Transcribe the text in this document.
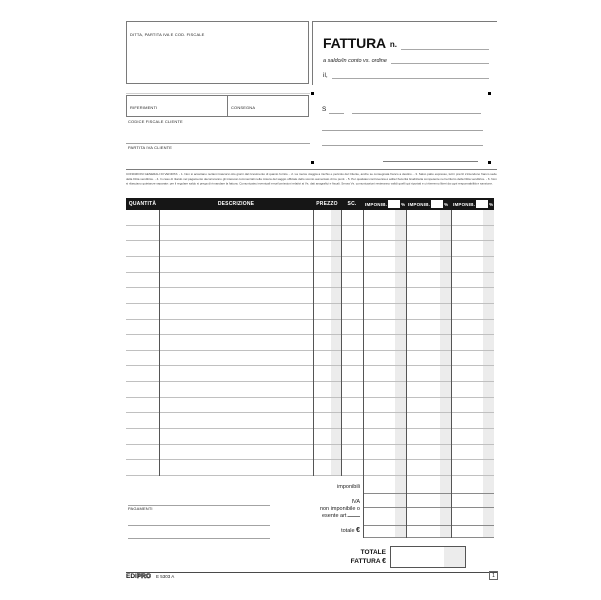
DITTA, PARTITA IVA E COD. FISCALE	FATTURA n.
a saldo/in conto vs. ordine
il,
S
RIFERIMENTI	CONSEGNA
CODICE FISCALE CLIENTE
PARTITA IVA CLIENTE
CONDIZIONI GENERALI DI VENDITA: - 1. Non si accettano reclami trascorsi otto giorni dal ricevimento di quanto fornito. - 2. La merce viaggia a rischio e pericolo del Cliente, anche se consegnata franco a destino. - 3. Salvo patto espresso, tutti i prezzi s'intendono franco sede della Ditta venditrice. - 4. In caso di ritardo nel pagamento decorreranno gli interessi commerciali nella misura del saggio ufficiale dello sconto aumentato di tre punti. - 5. Per qualsiasi controversia è adita l'Autorità Giudiziaria competente nel territorio della Ditta venditrice. - 6. Non si rilasciano quietanze separate: per il regolare saldo si prega di rimandare la fattura. Comunicateci eventuali errori/omissioni relativi ai Vs. dati anagrafici e fiscali. Senza Vs. comunicazioni resteranno validi quelli qui riportati e ci riterremo liberi da ogni responsabilità e sanzione.
QUANTITÀ	DESCRIZIONE	PREZZO	SC.	IMPONIB.	% IMPONIB.	% IMPONIB.	%
imponibili
IVA
non imponibile o
esente art.
totale €
TOTALE
FATTURA €
PAGAMENTI
EDIPRO E 5303 A	1
